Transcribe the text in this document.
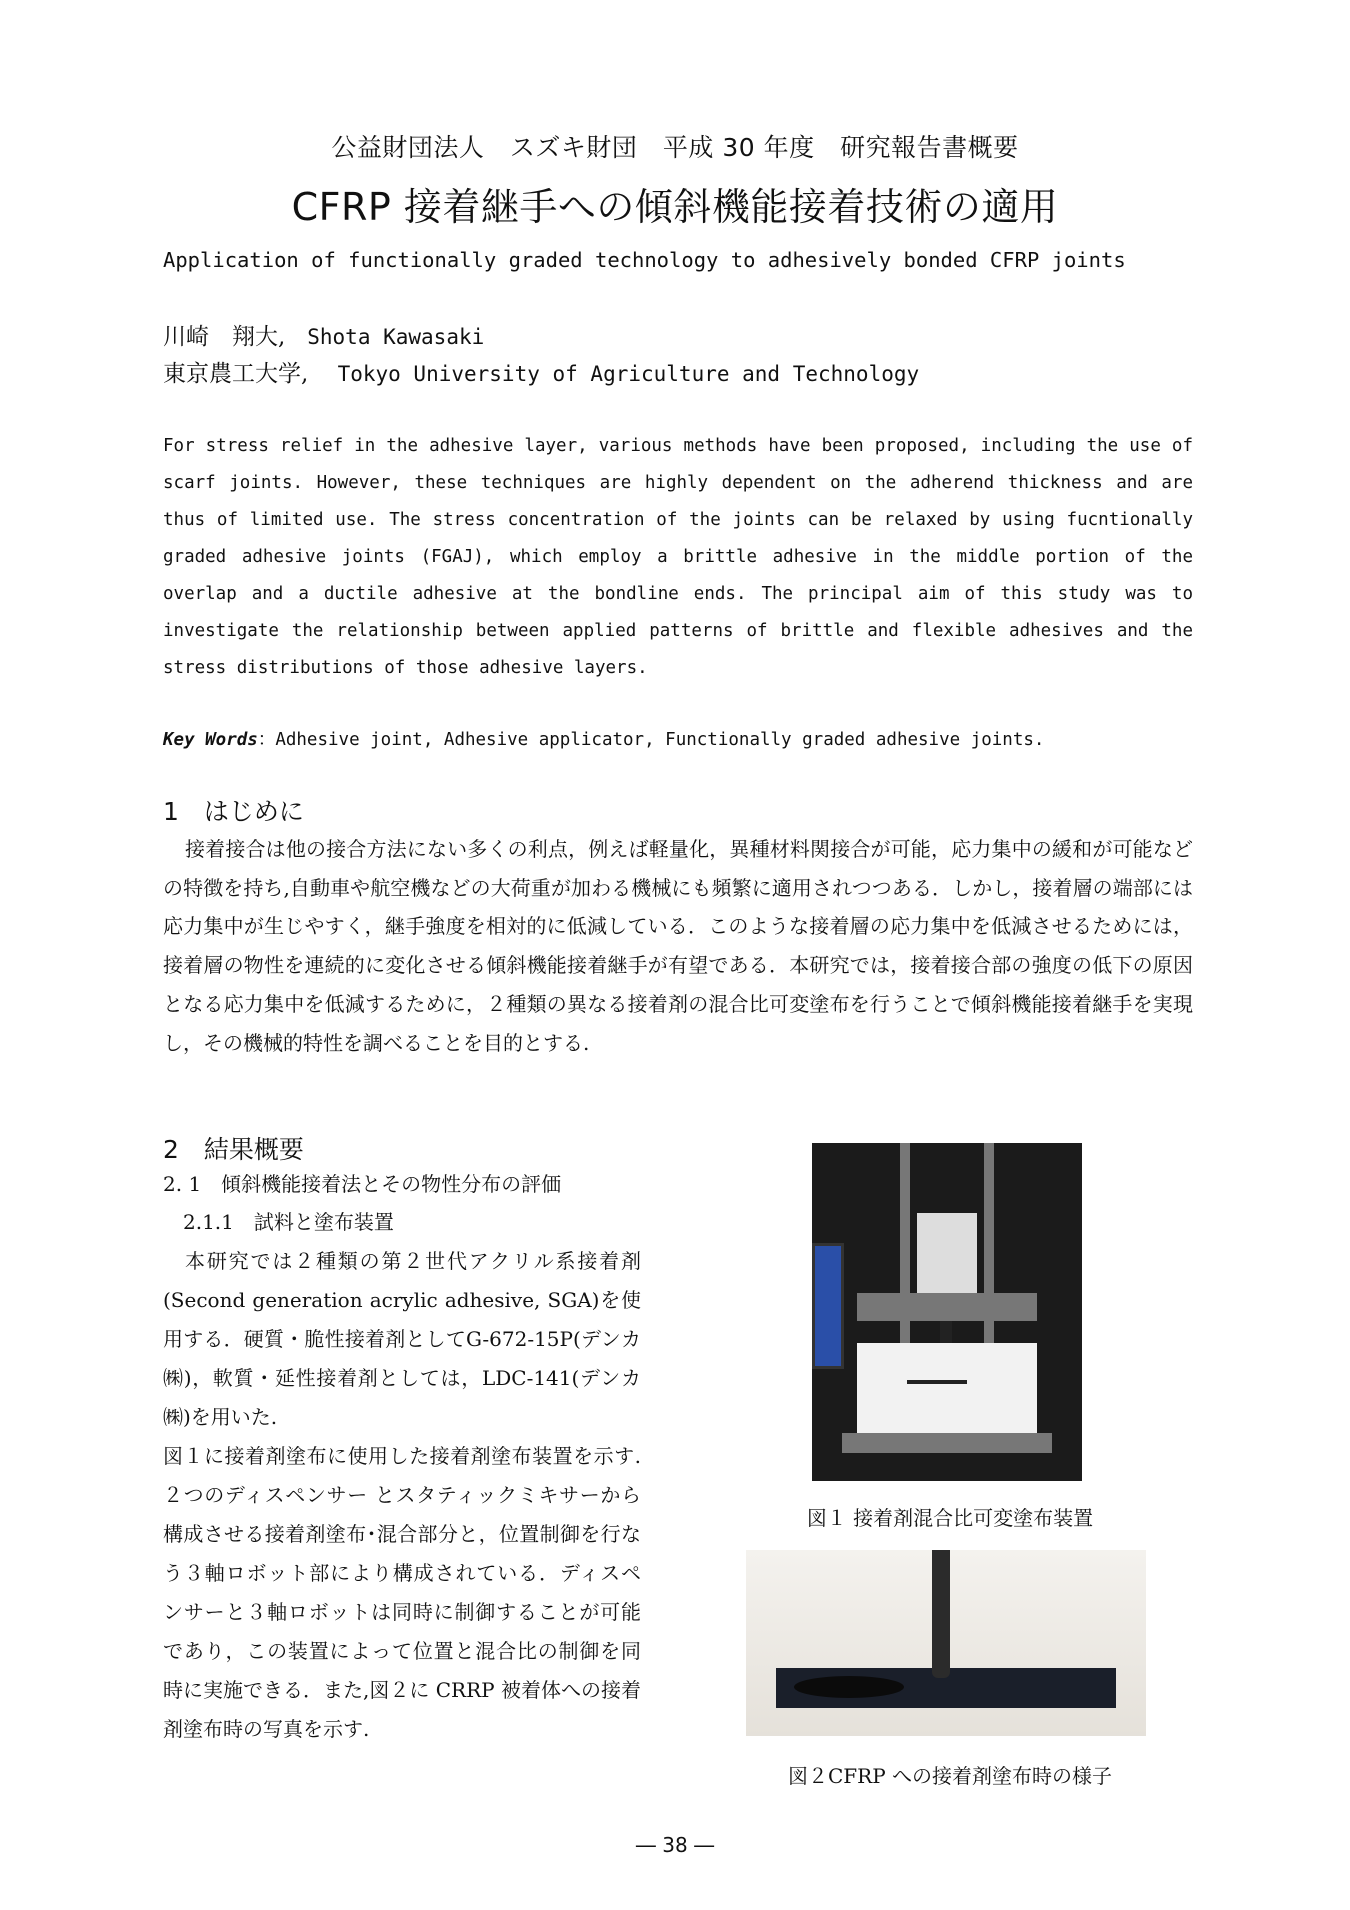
公益財団法人　スズキ財団　平成 30 年度　研究報告書概要
CFRP 接着継手への傾斜機能接着技術の適用
Application of functionally graded technology to adhesively bonded CFRP joints
川崎　翔大, Shota Kawasaki
東京農工大学, Tokyo University of Agriculture and Technology
For stress relief in the adhesive layer, various methods have been proposed, including the use of scarf joints. However, these techniques are highly dependent on the adherend thickness and are thus of limited use. The stress concentration of the joints can be relaxed by using fucntionally graded adhesive joints (FGAJ), which employ a brittle adhesive in the middle portion of the overlap and a ductile adhesive at the bondline ends. The principal aim of this study was to investigate the relationship between applied patterns of brittle and flexible adhesives and the stress distributions of those adhesive layers.
Key Words：Adhesive joint, Adhesive applicator, Functionally graded adhesive joints.
1　はじめに

接着接合は他の接合方法にない多くの利点，例えば軽量化，異種材料関接合が可能，応力集中の緩和が可能などの特徴を持ち,自動車や航空機などの大荷重が加わる機械にも頻繁に適用されつつある．しかし，接着層の端部には応力集中が生じやすく，継手強度を相対的に低減している．このような接着層の応力集中を低減させるためには，接着層の物性を連続的に変化させる傾斜機能接着継手が有望である．本研究では，接着接合部の強度の低下の原因となる応力集中を低減するために，２種類の異なる接着剤の混合比可変塗布を行うことで傾斜機能接着継手を実現し，その機械的特性を調べることを目的とする.

2　結果概要
2. 1　傾斜機能接着法とその物性分布の評価
2.1.1　試料と塗布装置

本研究では２種類の第２世代アクリル系接着剤(Second generation acrylic adhesive, SGA)を使用する．硬質・脆性接着剤としてG-672-15P(デンカ㈱)，軟質・延性接着剤としては，LDC-141(デンカ㈱)を用いた.

図１に接着剤塗布に使用した接着剤塗布装置を示す.２つのディスペンサー とスタティックミキサーから構成させる接着剤塗布･混合部分と，位置制御を行なう３軸ロボット部により構成されている．ディスペンサーと３軸ロボットは同時に制御することが可能であり，この装置によって位置と混合比の制御を同時に実施できる．また,図２に CRRP 被着体への接着剤塗布時の写真を示す.

図１ 接着剤混合比可変塗布装置
図２CFRP への接着剤塗布時の様子
― 38 ―
